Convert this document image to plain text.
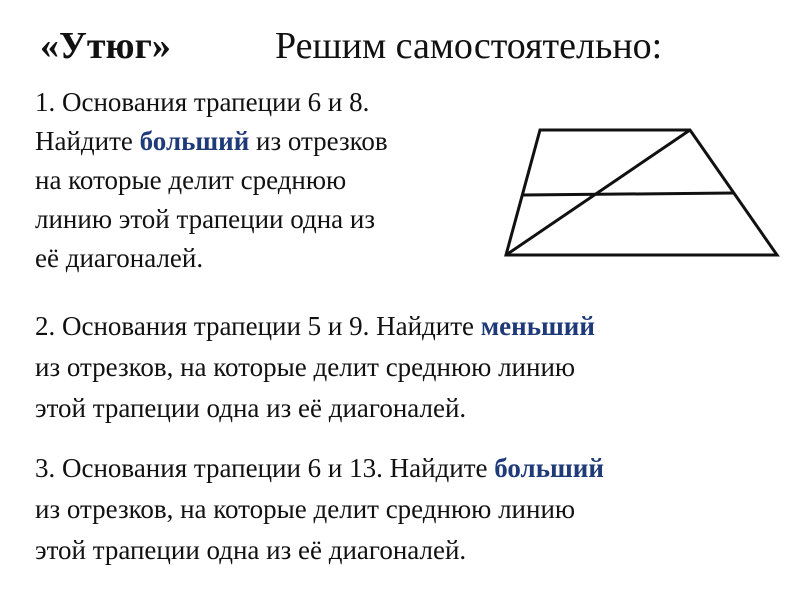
«Утюг»	Решим самостоятельно:
1. Основания трапеции 6 и 8.
Найдите больший из отрезков
на которые делит среднюю
линию этой трапеции одна из
её диагоналей.
2. Основания трапеции 5 и 9. Найдите меньший
из отрезков, на которые делит среднюю линию
этой трапеции одна из её диагоналей.
3. Основания трапеции 6 и 13. Найдите больший
из отрезков, на которые делит среднюю линию
этой трапеции одна из её диагоналей.
